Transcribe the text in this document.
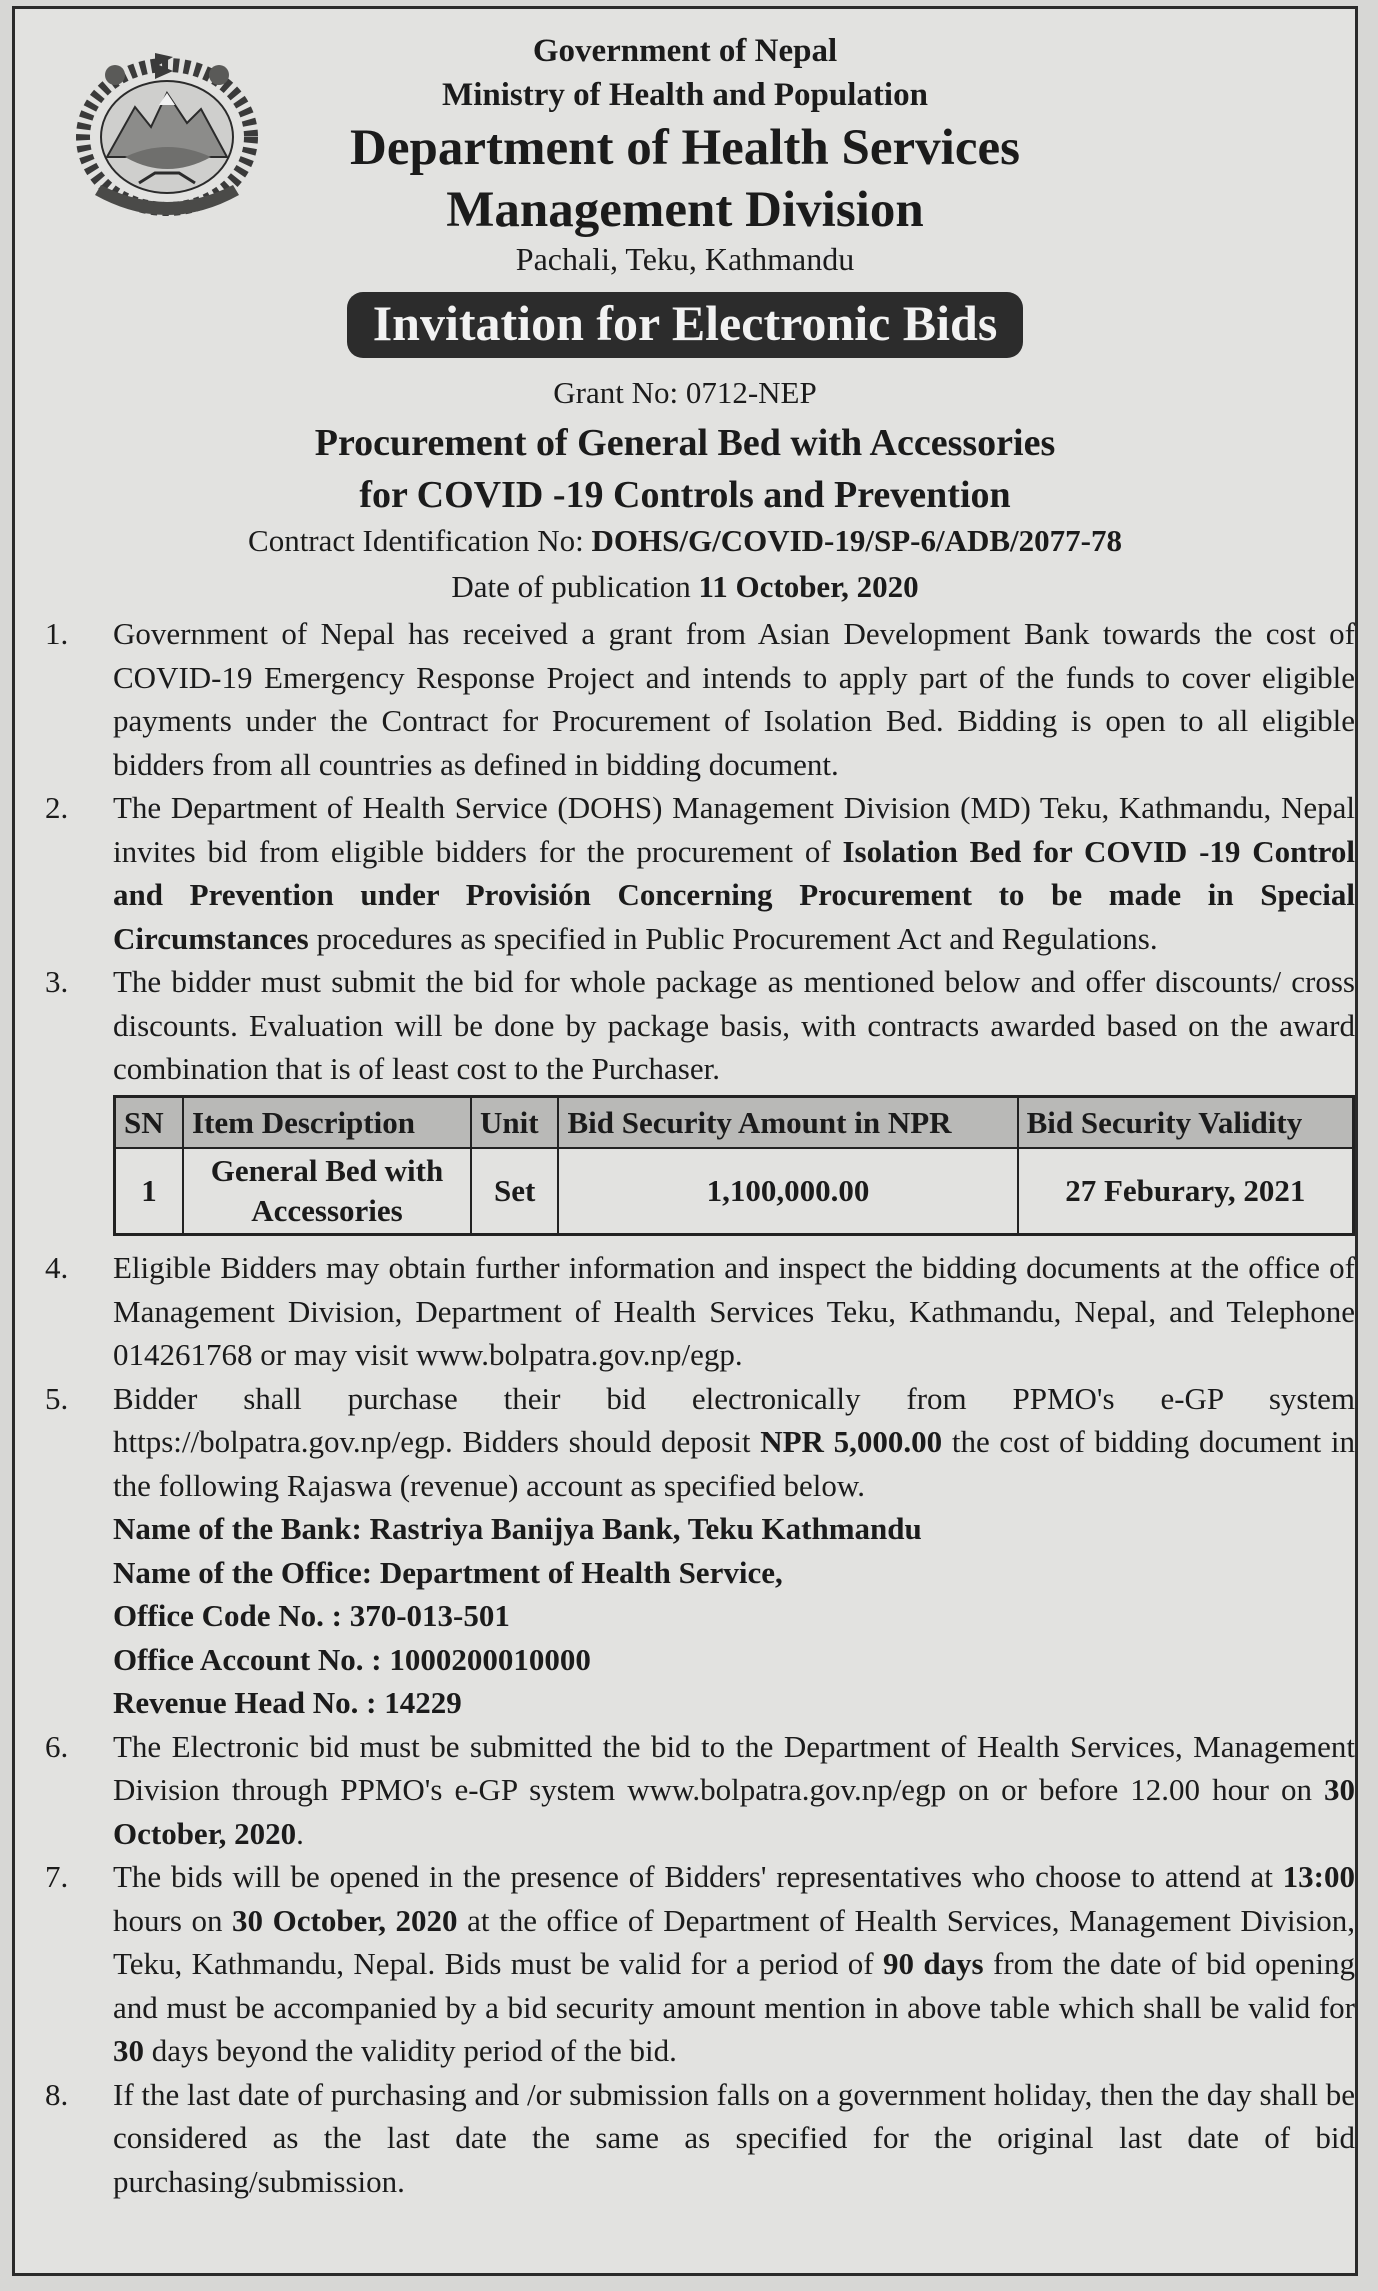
Government of Nepal
Ministry of Health and Population
Department of Health Services
Management Division
Pachali, Teku, Kathmandu
Invitation for Electronic Bids
Grant No: 0712-NEP
Procurement of General Bed with Accessories
for COVID -19 Controls and Prevention
Contract Identification No: DOHS/G/COVID-19/SP-6/ADB/2077-78
Date of publication 11 October, 2020
1. Government of Nepal has received a grant from Asian Development Bank towards the cost of COVID-19 Emergency Response Project and intends to apply part of the funds to cover eligible payments under the Contract for Procurement of Isolation Bed. Bidding is open to all eligible bidders from all countries as defined in bidding document.
2. The Department of Health Service (DOHS) Management Division (MD) Teku, Kathmandu, Nepal invites bid from eligible bidders for the procurement of Isolation Bed for COVID -19 Control and Prevention under Provisión Concerning Procurement to be made in Special Circumstances procedures as specified in Public Procurement Act and Regulations.
3. The bidder must submit the bid for whole package as mentioned below and offer discounts/ cross discounts. Evaluation will be done by package basis, with contracts awarded based on the award combination that is of least cost to the Purchaser.
SN	Item Description	Unit	Bid Security Amount in NPR	Bid Security Validity
1	General Bed with Accessories	Set	1,100,000.00	27 Feburary, 2021
4. Eligible Bidders may obtain further information and inspect the bidding documents at the office of Management Division, Department of Health Services Teku, Kathmandu, Nepal, and Telephone 014261768 or may visit www.bolpatra.gov.np/egp.
5. Bidder shall purchase their bid electronically from PPMO's e-GP system https://bolpatra.gov.np/egp. Bidders should deposit NPR 5,000.00 the cost of bidding document in the following Rajaswa (revenue) account as specified below.
Name of the Bank: Rastriya Banijya Bank, Teku Kathmandu
Name of the Office: Department of Health Service,
Office Code No. : 370-013-501
Office Account No. : 1000200010000
Revenue Head No. : 14229
6. The Electronic bid must be submitted the bid to the Department of Health Services, Management Division through PPMO's e-GP system www.bolpatra.gov.np/egp on or before 12.00 hour on 30 October, 2020.
7. The bids will be opened in the presence of Bidders' representatives who choose to attend at 13:00 hours on 30 October, 2020 at the office of Department of Health Services, Management Division, Teku, Kathmandu, Nepal. Bids must be valid for a period of 90 days from the date of bid opening and must be accompanied by a bid security amount mention in above table which shall be valid for 30 days beyond the validity period of the bid.
8. If the last date of purchasing and /or submission falls on a government holiday, then the day shall be considered as the last date the same as specified for the original last date of bid purchasing/submission.
